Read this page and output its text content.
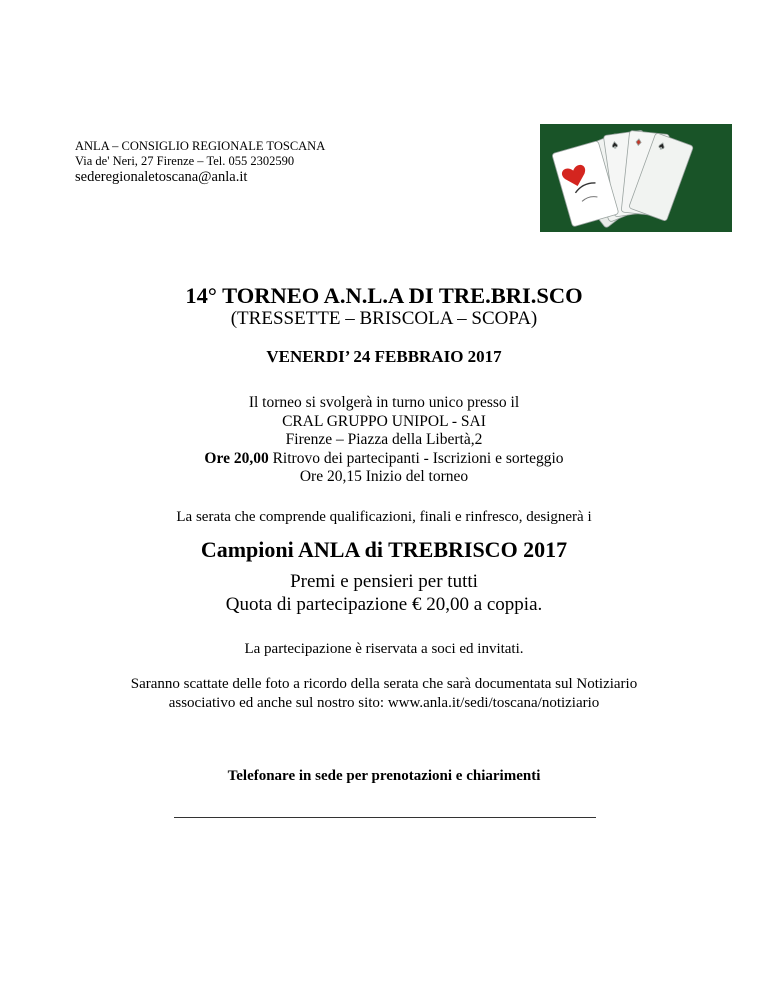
ANLA – CONSIGLIO REGIONALE TOSCANA
Via de' Neri, 27 Firenze – Tel. 055 2302590
sederegionaletoscana@anla.it
♠ ♦ ♠
14° TORNEO A.N.L.A DI TRE.BRI.SCO
(TRESSETTE – BRISCOLA – SCOPA)
VENERDI’ 24 FEBBRAIO 2017
Il torneo si svolgerà in turno unico presso il
CRAL GRUPPO UNIPOL - SAI
Firenze – Piazza della Libertà,2
Ore 20,00 Ritrovo dei partecipanti - Iscrizioni e sorteggio
Ore 20,15 Inizio del torneo
La serata che comprende qualificazioni, finali e rinfresco, designerà i
Campioni ANLA di TREBRISCO 2017
Premi e pensieri per tutti
Quota di partecipazione € 20,00 a coppia.
La partecipazione è riservata a soci ed invitati.
Saranno scattate delle foto a ricordo della serata che sarà documentata sul Notiziario
associativo ed anche sul nostro sito: www.anla.it/sedi/toscana/notiziario
Telefonare in sede per prenotazioni e chiarimenti
